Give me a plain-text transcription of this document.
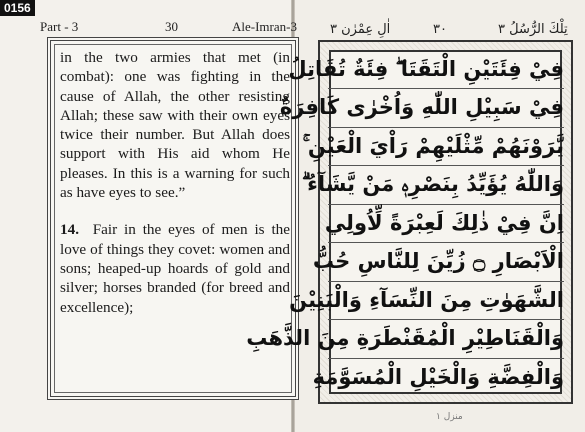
0156
Part - 3	30	Ale-Imran-3

in the two armies that met (in combat): one was fighting in the cause of Allah, the other resisting Allah; these saw with their own eyes twice their number. But Allah does support with His aid whom He pleases. In this is a warning for such as have eyes to see.”

14. Fair in the eyes of men is the love of things they covet: women and sons; heaped-up hoards of gold and silver; horses branded (for breed and excellence);

تِلْكَ الرُّسُلُ ٣
٣٠
اٰلِ عِمْرٰن ٣
فِيْ فِئَتَيْنِ الْتَقَتَا ۖ فِئَةٌ تُقَاتِلُ
فِيْ سَبِيْلِ اللّٰهِ وَاُخْرٰى كَافِرَةٌ
يَّرَوْنَهُمْ مِّثْلَيْهِمْ رَاْيَ الْعَيْنِ ۚ
وَاللّٰهُ يُؤَيِّدُ بِنَصْرِهٖ مَنْ يَّشَآءُ ۗ
اِنَّ فِيْ ذٰلِكَ لَعِبْرَةً لِّاُولِي
الْاَبْصَارِ ۝ زُيِّنَ لِلنَّاسِ حُبُّ
الشَّهَوٰتِ مِنَ النِّسَآءِ وَالْبَنِيْنَ
وَالْقَنَاطِيْرِ الْمُقَنْطَرَةِ مِنَ الذَّهَبِ
وَالْفِضَّةِ وَالْخَيْلِ الْمُسَوَّمَةِ
منزل ١
